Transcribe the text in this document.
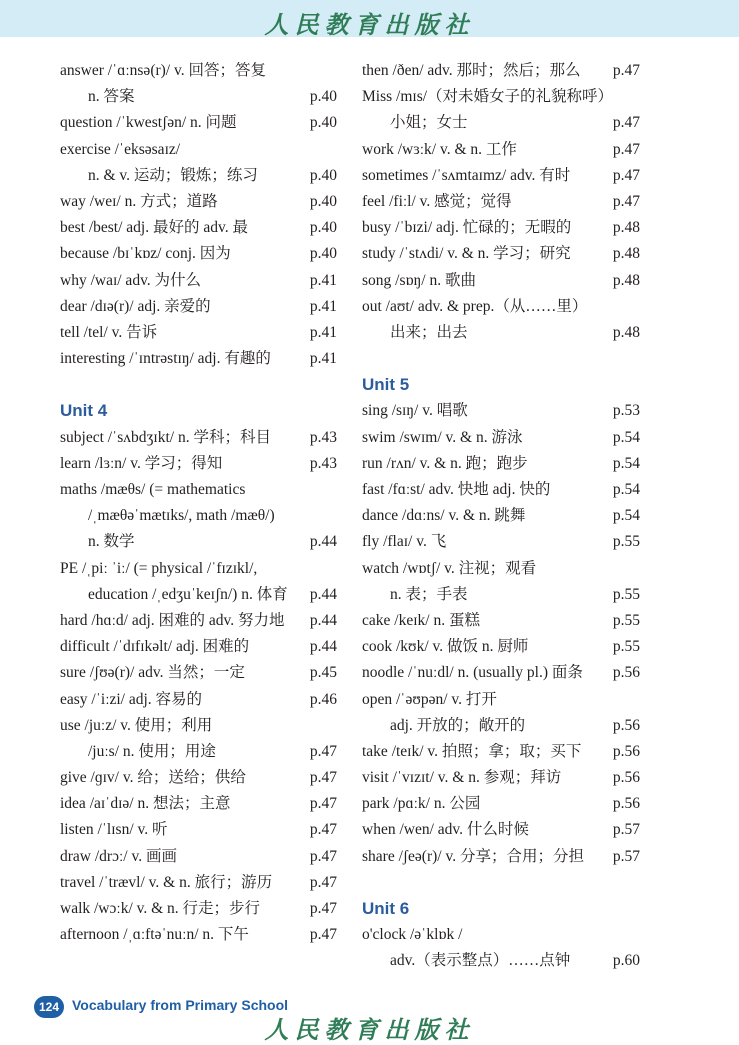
人民教育出版社
answer /ˈɑːnsə(r)/ v. 回答；答复
n. 答案	p.40
question /ˈkwestʃən/ n. 问题	p.40
exercise /ˈeksəsaɪz/
n. & v. 运动；锻炼；练习	p.40
way /weɪ/ n. 方式；道路	p.40
best /best/ adj. 最好的 adv. 最	p.40
because /bɪˈkɒz/ conj. 因为	p.40
why /waɪ/ adv. 为什么	p.41
dear /dɪə(r)/ adj. 亲爱的	p.41
tell /tel/ v. 告诉	p.41
interesting /ˈɪntrəstɪŋ/ adj. 有趣的	p.41
Unit 4
subject /ˈsʌbdʒɪkt/ n. 学科；科目	p.43
learn /lɜːn/ v. 学习；得知	p.43
maths /mæθs/ (= mathematics
/ˌmæθəˈmætɪks/, math /mæθ/)
n. 数学	p.44
PE /ˌpiː ˈiː/ (= physical /ˈfɪzɪkl/,
education /ˌedʒuˈkeɪʃn/) n. 体育 p.44
hard /hɑːd/ adj. 困难的 adv. 努力地 p.44
difficult /ˈdɪfɪkəlt/ adj. 困难的	p.44
sure /ʃʊə(r)/ adv. 当然；一定	p.45
easy /ˈiːzi/ adj. 容易的	p.46
use /juːz/ v. 使用；利用
/juːs/ n. 使用；用途	p.47
give /ɡɪv/ v. 给；送给；供给	p.47
idea /aɪˈdɪə/ n. 想法；主意	p.47
listen /ˈlɪsn/ v. 听	p.47
draw /drɔː/ v. 画画	p.47
travel /ˈtrævl/ v. & n. 旅行；游历 p.47
walk /wɔːk/ v. & n. 行走；步行	p.47
afternoon /ˌɑːftəˈnuːn/ n. 下午	p.47
then /ðen/ adv. 那时；然后；那么 p.47
Miss /mɪs/（对未婚女子的礼貌称呼）
小姐；女士	p.47
work /wɜːk/ v. & n. 工作	p.47
sometimes /ˈsʌmtaɪmz/ adv. 有时	p.47
feel /fiːl/ v. 感觉；觉得	p.47
busy /ˈbɪzi/ adj. 忙碌的；无暇的	p.48
study /ˈstʌdi/ v. & n. 学习；研究	p.48
song /sɒŋ/ n. 歌曲	p.48
out /aʊt/ adv. & prep.（从……里）
出来；出去	p.48
Unit 5
sing /sɪŋ/ v. 唱歌	p.53
swim /swɪm/ v. & n. 游泳	p.54
run /rʌn/ v. & n. 跑；跑步	p.54
fast /fɑːst/ adv. 快地 adj. 快的	p.54
dance /dɑːns/ v. & n. 跳舞	p.54
fly /flaɪ/ v. 飞	p.55
watch /wɒtʃ/ v. 注视；观看
n. 表；手表	p.55
cake /keɪk/ n. 蛋糕	p.55
cook /kʊk/ v. 做饭 n. 厨师	p.55
noodle /ˈnuːdl/ n. (usually pl.) 面条 p.56
open /ˈəʊpən/ v. 打开
adj. 开放的；敞开的	p.56
take /teɪk/ v. 拍照；拿；取；买下 p.56
visit /ˈvɪzɪt/ v. & n. 参观；拜访	p.56
park /pɑːk/ n. 公园	p.56
when /wen/ adv. 什么时候	p.57
share /ʃeə(r)/ v. 分享；合用；分担 p.57
Unit 6
o'clock /əˈklɒk /
adv.（表示整点）……点钟	p.60
124 Vocabulary from Primary School
人民教育出版社
